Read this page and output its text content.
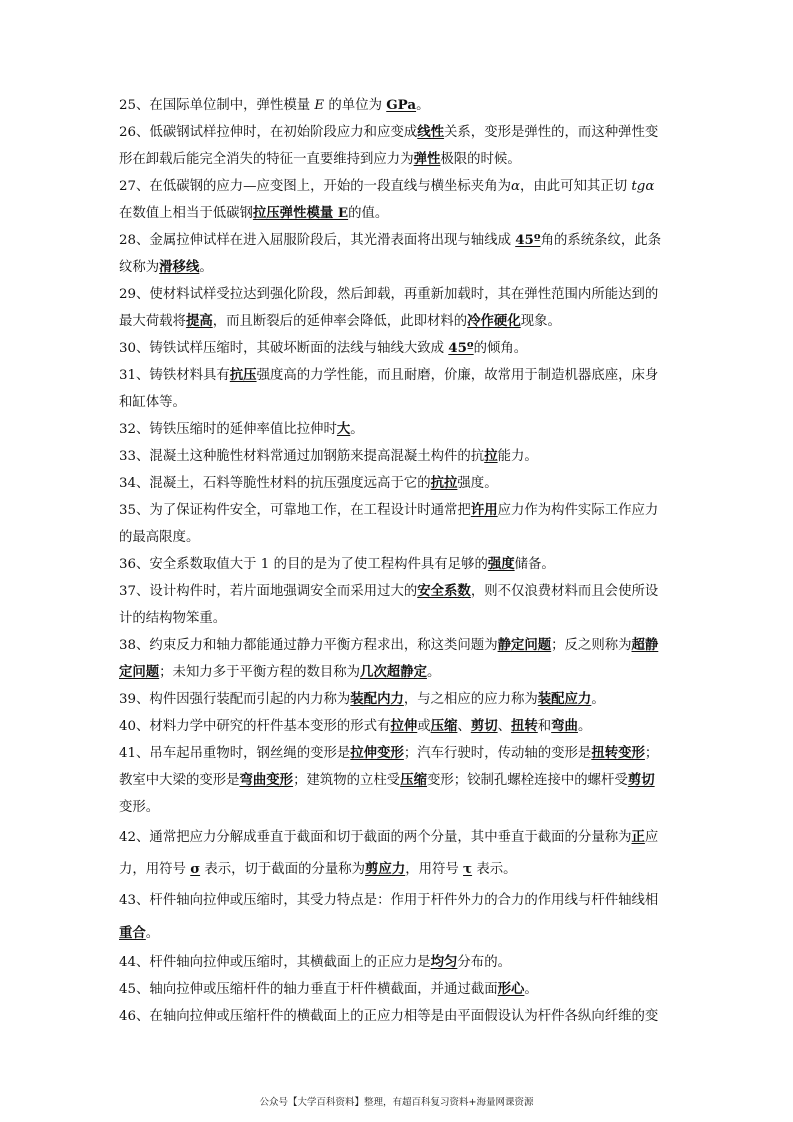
25、在国际单位制中，弹性模量 E 的单位为 GPa。
26、低碳钢试样拉伸时，在初始阶段应力和应变成线性关系，变形是弹性的，而这种弹性变
形在卸载后能完全消失的特征一直要维持到应力为弹性极限的时候。
27、在低碳钢的应力—应变图上，开始的一段直线与横坐标夹角为α，由此可知其正切 tgα
在数值上相当于低碳钢拉压弹性模量 E的值。
28、金属拉伸试样在进入屈服阶段后，其光滑表面将出现与轴线成 45º角的系统条纹，此条
纹称为滑移线。
29、使材料试样受拉达到强化阶段，然后卸载，再重新加载时，其在弹性范围内所能达到的
最大荷载将提高，而且断裂后的延伸率会降低，此即材料的冷作硬化现象。
30、铸铁试样压缩时，其破坏断面的法线与轴线大致成 45º的倾角。
31、铸铁材料具有抗压强度高的力学性能，而且耐磨，价廉，故常用于制造机器底座，床身
和缸体等。
32、铸铁压缩时的延伸率值比拉伸时大。
33、混凝土这种脆性材料常通过加钢筋来提高混凝土构件的抗拉能力。
34、混凝土，石料等脆性材料的抗压强度远高于它的抗拉强度。
35、为了保证构件安全，可靠地工作，在工程设计时通常把许用应力作为构件实际工作应力
的最高限度。
36、安全系数取值大于 1 的目的是为了使工程构件具有足够的强度储备。
37、设计构件时，若片面地强调安全而采用过大的安全系数，则不仅浪费材料而且会使所设
计的结构物笨重。
38、约束反力和轴力都能通过静力平衡方程求出，称这类问题为静定问题；反之则称为超静
定问题；未知力多于平衡方程的数目称为几次超静定。
39、构件因强行装配而引起的内力称为装配内力，与之相应的应力称为装配应力。
40、材料力学中研究的杆件基本变形的形式有拉伸或压缩、剪切、扭转和弯曲。
41、吊车起吊重物时，钢丝绳的变形是拉伸变形；汽车行驶时，传动轴的变形是扭转变形；
教室中大梁的变形是弯曲变形；建筑物的立柱受压缩变形；铰制孔螺栓连接中的螺杆受剪切
变形。
42、通常把应力分解成垂直于截面和切于截面的两个分量，其中垂直于截面的分量称为正应
力，用符号 σ 表示，切于截面的分量称为剪应力，用符号 τ 表示。
43、杆件轴向拉伸或压缩时，其受力特点是：作用于杆件外力的合力的作用线与杆件轴线相
重合。
44、杆件轴向拉伸或压缩时，其横截面上的正应力是均匀分布的。
45、轴向拉伸或压缩杆件的轴力垂直于杆件横截面，并通过截面形心。
46、在轴向拉伸或压缩杆件的横截面上的正应力相等是由平面假设认为杆件各纵向纤维的变
公众号【大学百科资料】整理，有超百科复习资料+海量网课资源
